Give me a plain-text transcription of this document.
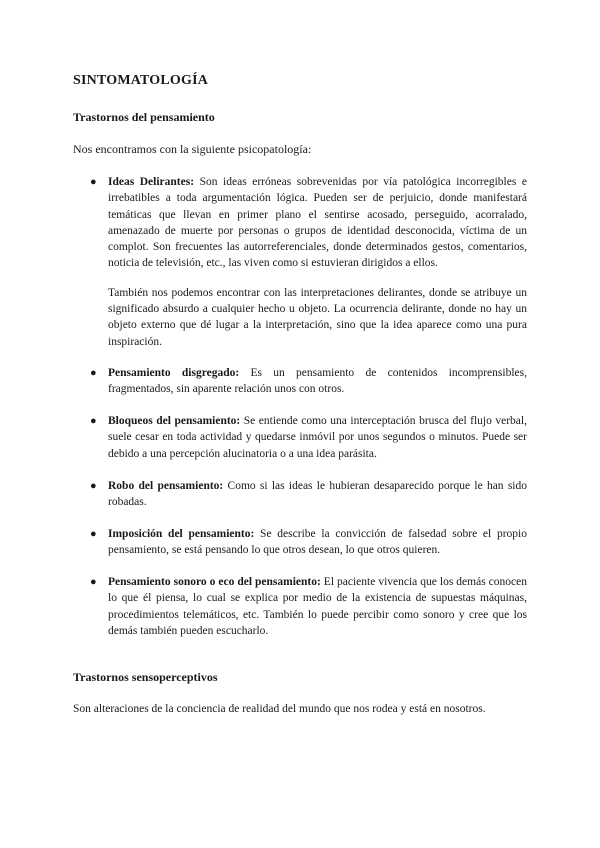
SINTOMATOLOGÍA
Trastornos del pensamiento
Nos encontramos con la siguiente psicopatología:
● Ideas Delirantes: Son ideas erróneas sobrevenidas por vía patológica incorregibles e irrebatibles a toda argumentación lógica. Pueden ser de perjuicio, donde manifestará temáticas que llevan en primer plano el sentirse acosado, perseguido, acorralado, amenazado de muerte por personas o grupos de identidad desconocida, víctima de un complot. Son frecuentes las autorreferenciales, donde determinados gestos, comentarios, noticia de televisión, etc., las viven como si estuvieran dirigidos a ellos.
También nos podemos encontrar con las interpretaciones delirantes, donde se atribuye un significado absurdo a cualquier hecho u objeto. La ocurrencia delirante, donde no hay un objeto externo que dé lugar a la interpretación, sino que la idea aparece como una pura inspiración.
● Pensamiento disgregado: Es un pensamiento de contenidos incomprensibles, fragmentados, sin aparente relación unos con otros.
● Bloqueos del pensamiento: Se entiende como una interceptación brusca del flujo verbal, suele cesar en toda actividad y quedarse inmóvil por unos segundos o minutos. Puede ser debido a una percepción alucinatoria o a una idea parásita.
● Robo del pensamiento: Como si las ideas le hubieran desaparecido porque le han sido robadas.
● Imposición del pensamiento: Se describe la convicción de falsedad sobre el propio pensamiento, se está pensando lo que otros desean, lo que otros quieren.
● Pensamiento sonoro o eco del pensamiento: El paciente vivencia que los demás conocen lo que él piensa, lo cual se explica por medio de la existencia de supuestas máquinas, procedimientos telemáticos, etc. También lo puede percibir como sonoro y cree que los demás también pueden escucharlo.
Trastornos sensoperceptivos
Son alteraciones de la conciencia de realidad del mundo que nos rodea y está en nosotros.
